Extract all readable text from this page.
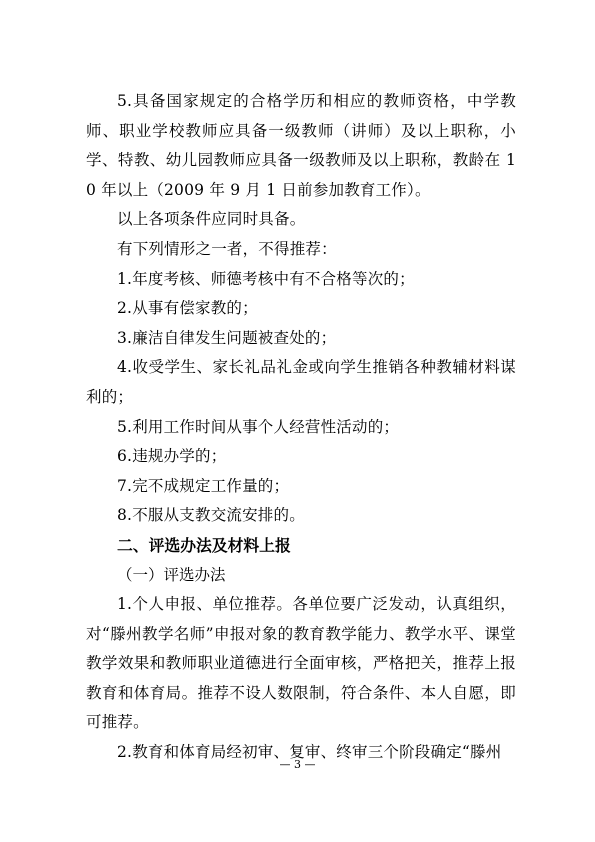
5.具备国家规定的合格学历和相应的教师资格，中学教师、职业学校教师应具备一级教师（讲师）及以上职称，小学、特教、幼儿园教师应具备一级教师及以上职称，教龄在 10 年以上（2009 年 9 月 1 日前参加教育工作）。

以上各项条件应同时具备。

有下列情形之一者，不得推荐：

1.年度考核、师德考核中有不合格等次的；

2.从事有偿家教的；

3.廉洁自律发生问题被查处的；

4.收受学生、家长礼品礼金或向学生推销各种教辅材料谋利的；

5.利用工作时间从事个人经营性活动的；

6.违规办学的；

7.完不成规定工作量的；

8.不服从支教交流安排的。

二、评选办法及材料上报

（一）评选办法

1.个人申报、单位推荐。各单位要广泛发动，认真组织，对“滕州教学名师”申报对象的教育教学能力、教学水平、课堂教学效果和教师职业道德进行全面审核，严格把关，推荐上报教育和体育局。推荐不设人数限制，符合条件、本人自愿，即可推荐。

2.教育和体育局经初审、复审、终审三个阶段确定“滕州

— 3 —
